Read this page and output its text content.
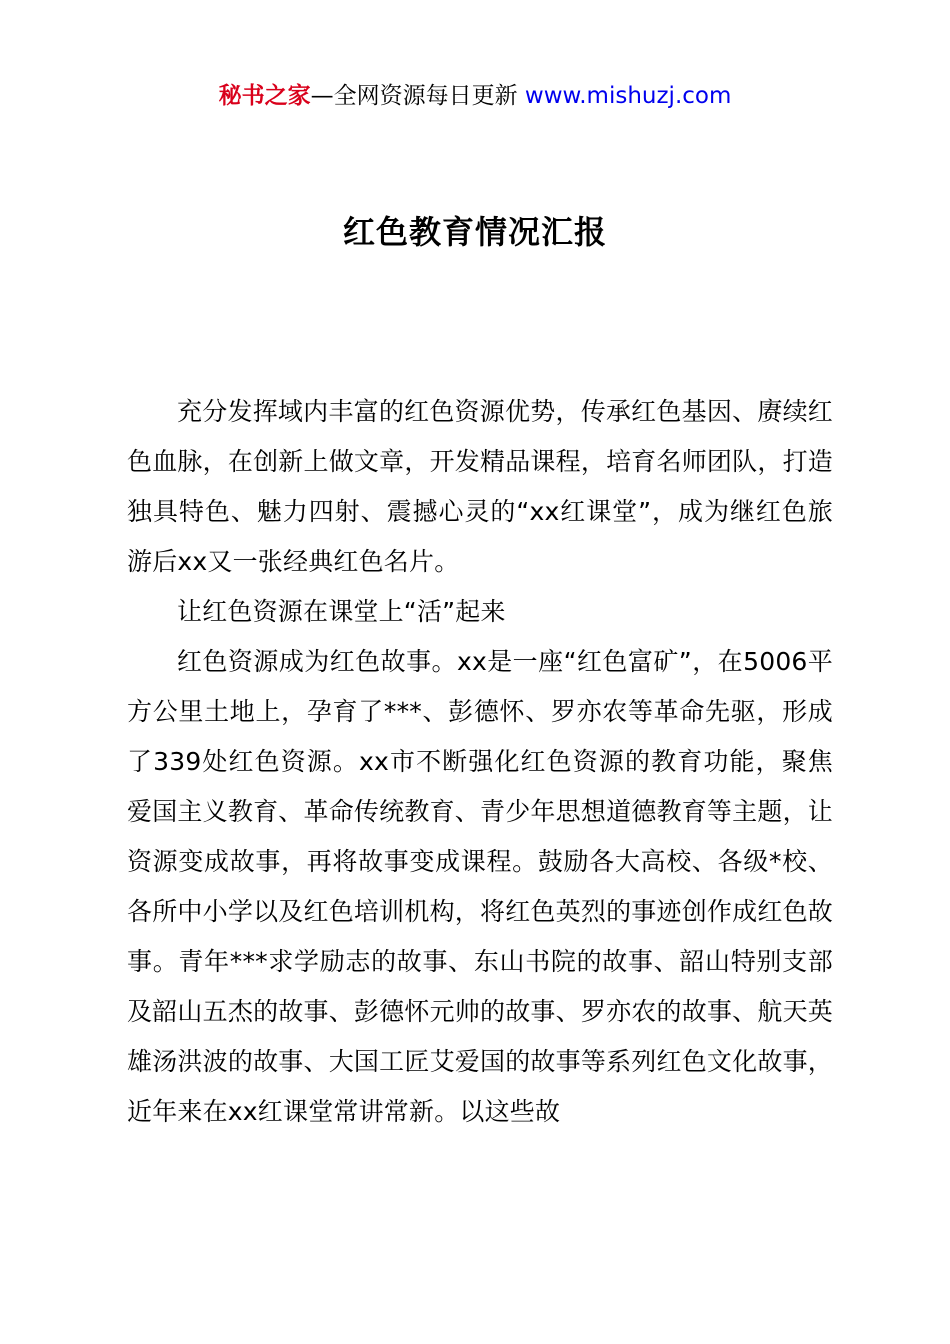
秘书之家—全网资源每日更新 www.mishuzj.com
红色教育情况汇报

充分发挥域内丰富的红色资源优势，传承红色基因、赓续红色血脉，在创新上做文章，开发精品课程，培育名师团队，打造独具特色、魅力四射、震撼心灵的“xx红课堂”，成为继红色旅游后xx又一张经典红色名片。

让红色资源在课堂上“活”起来

红色资源成为红色故事。xx是一座“红色富矿”，在5006平方公里土地上，孕育了***、彭德怀、罗亦农等革命先驱，形成了339处红色资源。xx市不断强化红色资源的教育功能，聚焦爱国主义教育、革命传统教育、青少年思想道德教育等主题，让资源变成故事，再将故事变成课程。鼓励各大高校、各级*校、各所中小学以及红色培训机构，将红色英烈的事迹创作成红色故事。青年***求学励志的故事、东山书院的故事、韶山特别支部及韶山五杰的故事、彭德怀元帅的故事、罗亦农的故事、航天英雄汤洪波的故事、大国工匠艾爱国的故事等系列红色文化故事，近年来在xx红课堂常讲常新。以这些故
